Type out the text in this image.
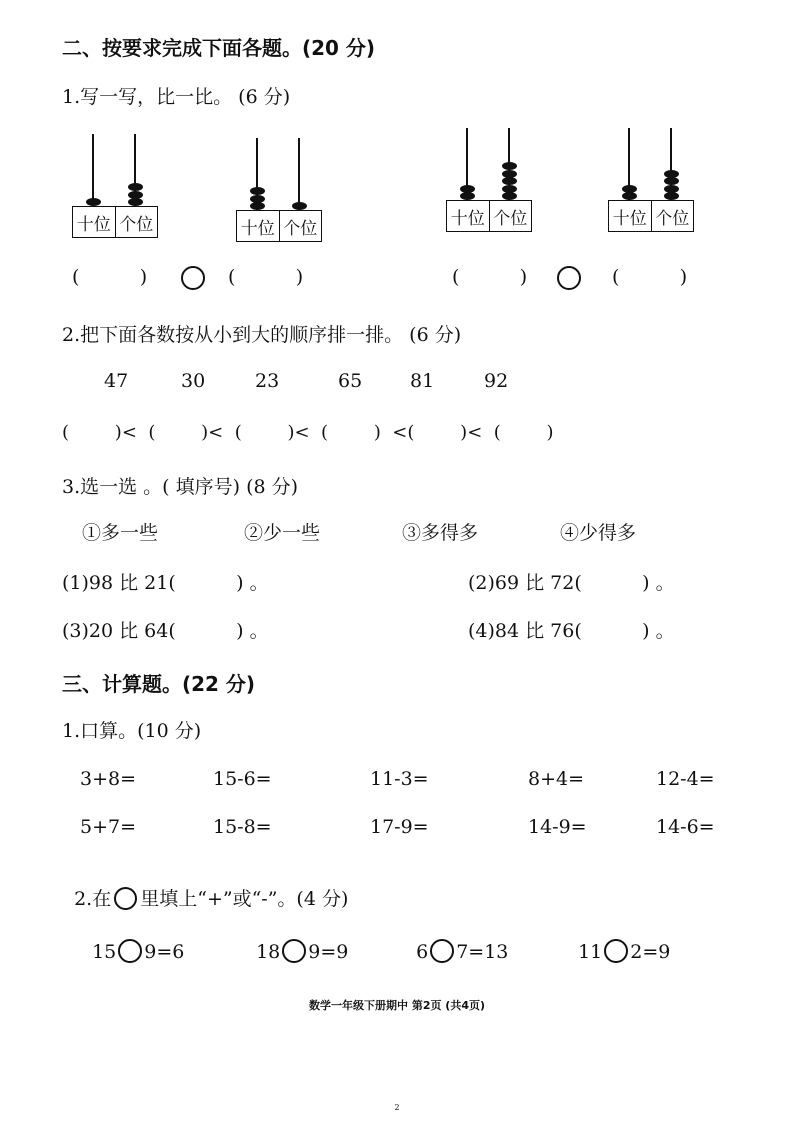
二、按要求完成下面各题。(20 分)
1.写一写，比一比。 (6 分)
十位 个位	十位 个位	十位 个位	十位 个位
(          )	(          )	(          )	(          )
2.把下面各数按从小到大的顺序排一排。 (6 分)
47	30	23	65	81	92
(        )<  (        )<  (        )<  (        )  <(        )<  (        )
3.选一选 。( 填序号) (8 分)
①多一些	②少一些	③多得多	④少得多
(1)98 比 21(          ) 。	(2)69 比 72(          ) 。
(3)20 比 64(          ) 。	(4)84 比 76(          ) 。
三、计算题。(22 分)
1.口算。(10 分)
3+8=	15-6=	11-3=	8+4=	12-4=
5+7=	15-8=	17-9=	14-9=	14-6=

2.在 里填上“+”或“-”。(4 分)

15 9=6	18 9=9	6 7=13	11 2=9

数学一年级下册期中 第2页 (共4页)
2
